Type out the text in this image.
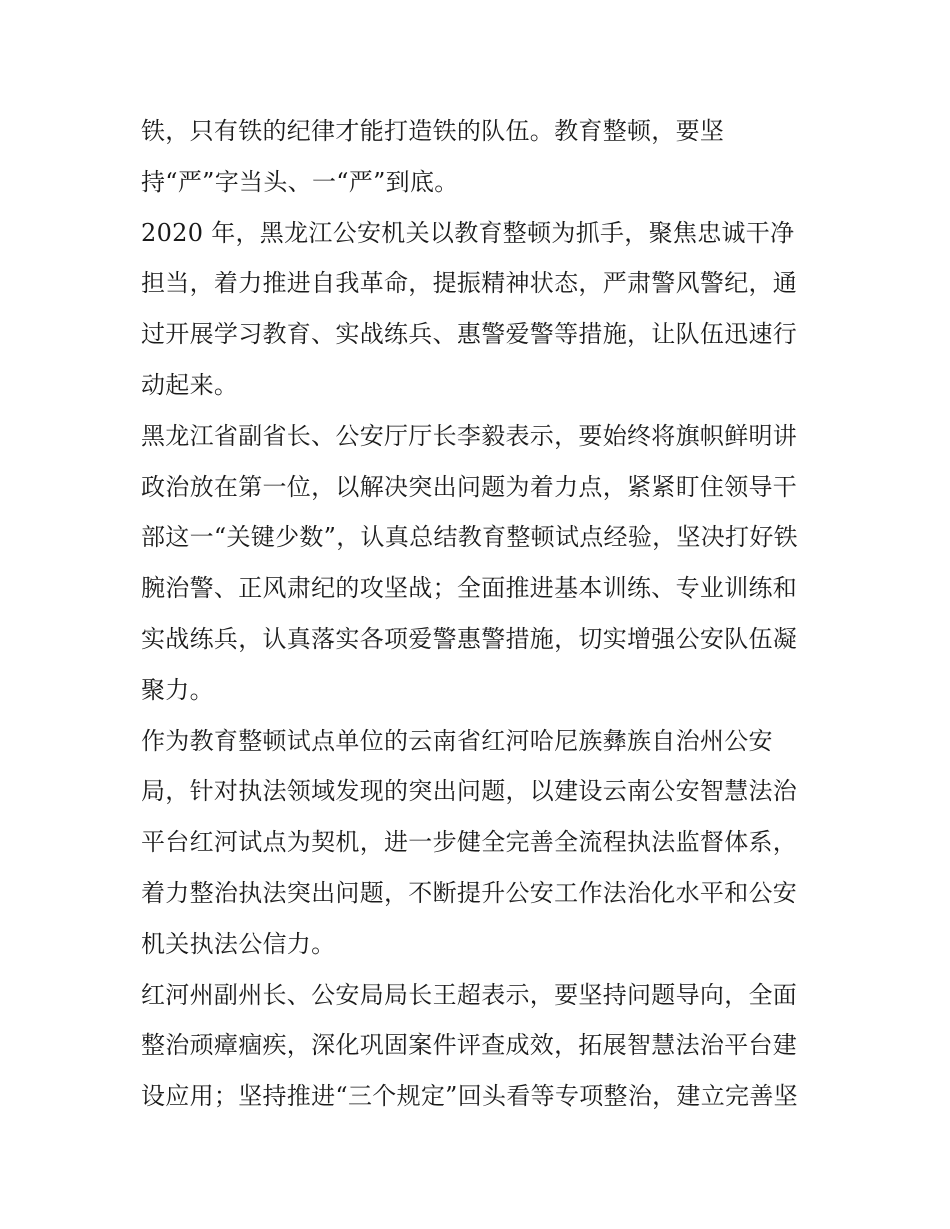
铁，只有铁的纪律才能打造铁的队伍。教育整顿，要坚
持“严”字当头、一“严”到底。
2020 年，黑龙江公安机关以教育整顿为抓手，聚焦忠诚干净
担当，着力推进自我革命，提振精神状态，严肃警风警纪，通
过开展学习教育、实战练兵、惠警爱警等措施，让队伍迅速行
动起来。
黑龙江省副省长、公安厅厅长李毅表示，要始终将旗帜鲜明讲
政治放在第一位，以解决突出问题为着力点，紧紧盯住领导干
部这一“关键少数”，认真总结教育整顿试点经验，坚决打好铁
腕治警、正风肃纪的攻坚战；全面推进基本训练、专业训练和
实战练兵，认真落实各项爱警惠警措施，切实增强公安队伍凝
聚力。
作为教育整顿试点单位的云南省红河哈尼族彝族自治州公安
局，针对执法领域发现的突出问题，以建设云南公安智慧法治
平台红河试点为契机，进一步健全完善全流程执法监督体系，
着力整治执法突出问题，不断提升公安工作法治化水平和公安
机关执法公信力。
红河州副州长、公安局局长王超表示，要坚持问题导向，全面
整治顽瘴痼疾，深化巩固案件评查成效，拓展智慧法治平台建
设应用；坚持推进“三个规定”回头看等专项整治，建立完善坚
